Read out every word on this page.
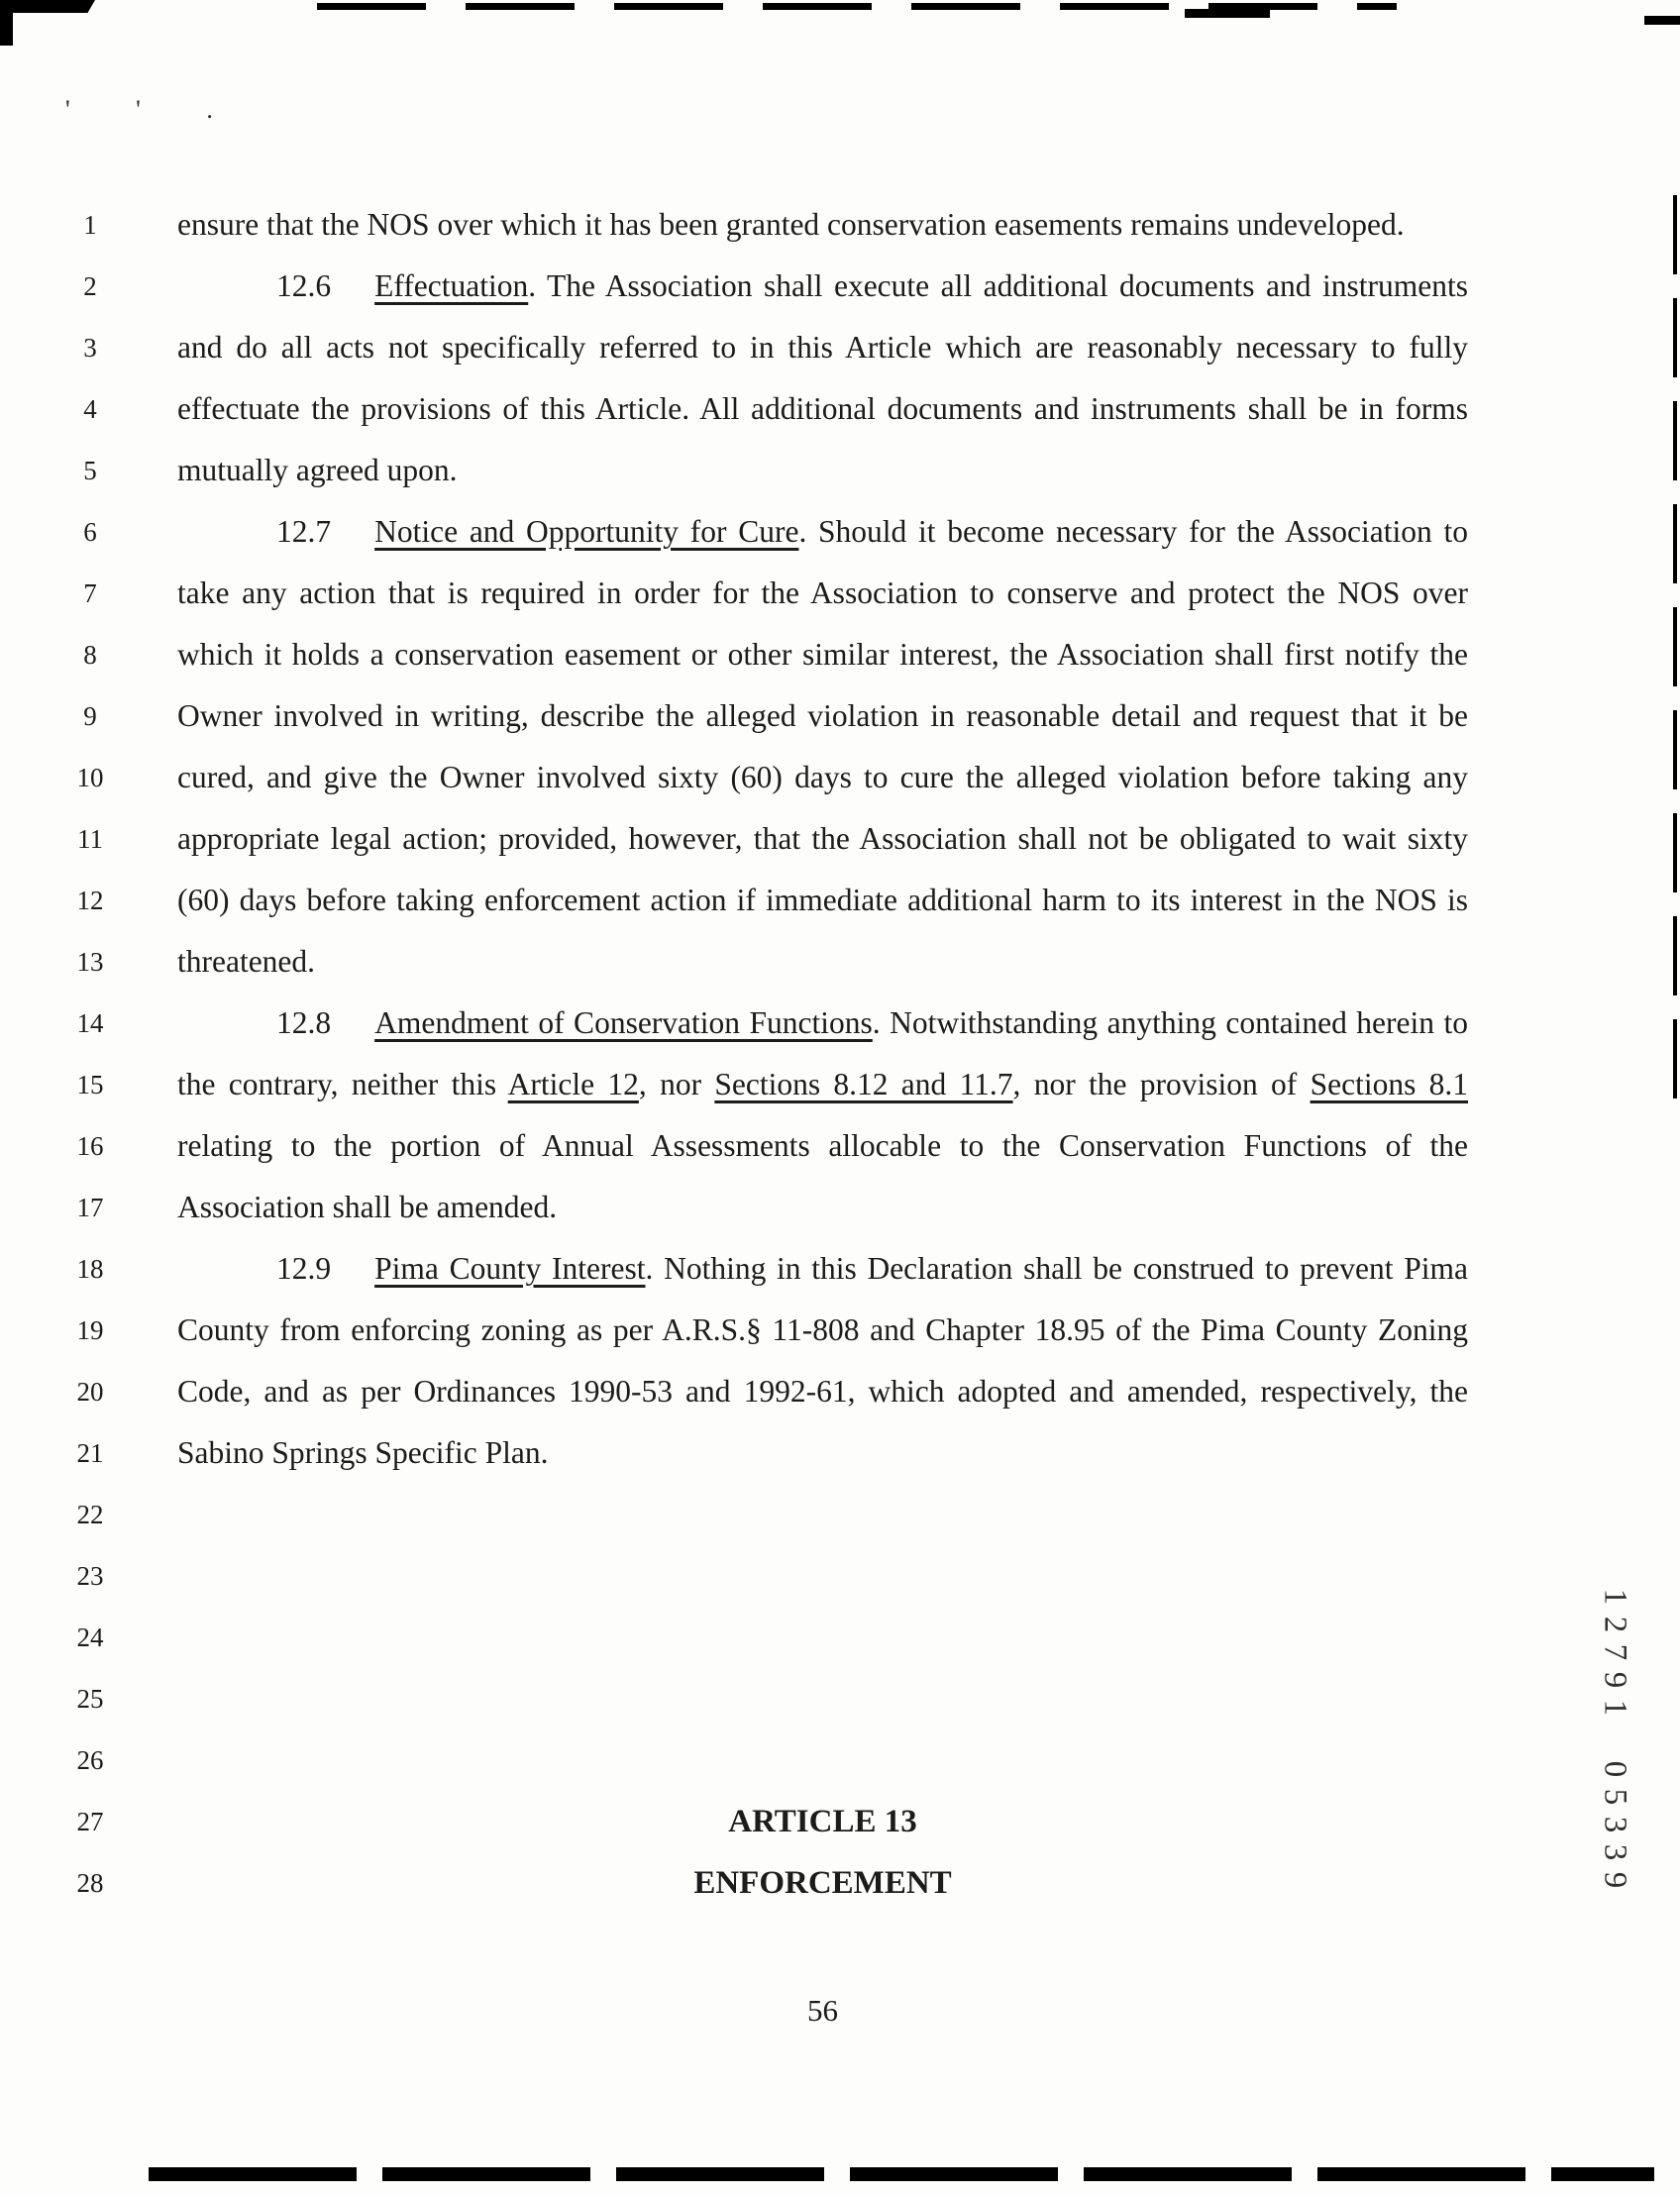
' ' .
1
2
3
4
5
6
7
8
9
10
11
12
13
14
15
16
17
18
19
20
21
22
23
24
25
26
27
28

ensure that the NOS over which it has been granted conservation easements remains undeveloped.

12.6 Effectuation. The Association shall execute all additional documents and instruments and do all acts not specifically referred to in this Article which are reasonably necessary to fully effectuate the provisions of this Article. All additional documents and instruments shall be in forms mutually agreed upon.

12.7 Notice and Opportunity for Cure. Should it become necessary for the Association to take any action that is required in order for the Association to conserve and protect the NOS over which it holds a conservation easement or other similar interest, the Association shall first notify the Owner involved in writing, describe the alleged violation in reasonable detail and request that it be cured, and give the Owner involved sixty (60) days to cure the alleged violation before taking any appropriate legal action; provided, however, that the Association shall not be obligated to wait sixty (60) days before taking enforcement action if immediate additional harm to its interest in the NOS is threatened.

12.8 Amendment of Conservation Functions. Notwithstanding anything contained herein to the contrary, neither this Article 12, nor Sections 8.12 and 11.7, nor the provision of Sections 8.1 relating to the portion of Annual Assessments allocable to the Conservation Functions of the Association shall be amended.

12.9 Pima County Interest. Nothing in this Declaration shall be construed to prevent Pima County from enforcing zoning as per A.R.S.§ 11-808 and Chapter 18.95 of the Pima County Zoning Code, and as per Ordinances 1990-53 and 1992-61, which adopted and amended, respectively, the Sabino Springs Specific Plan.

ARTICLE 13
ENFORCEMENT
56
1
2
7
9
1
0
5
3
3
9
